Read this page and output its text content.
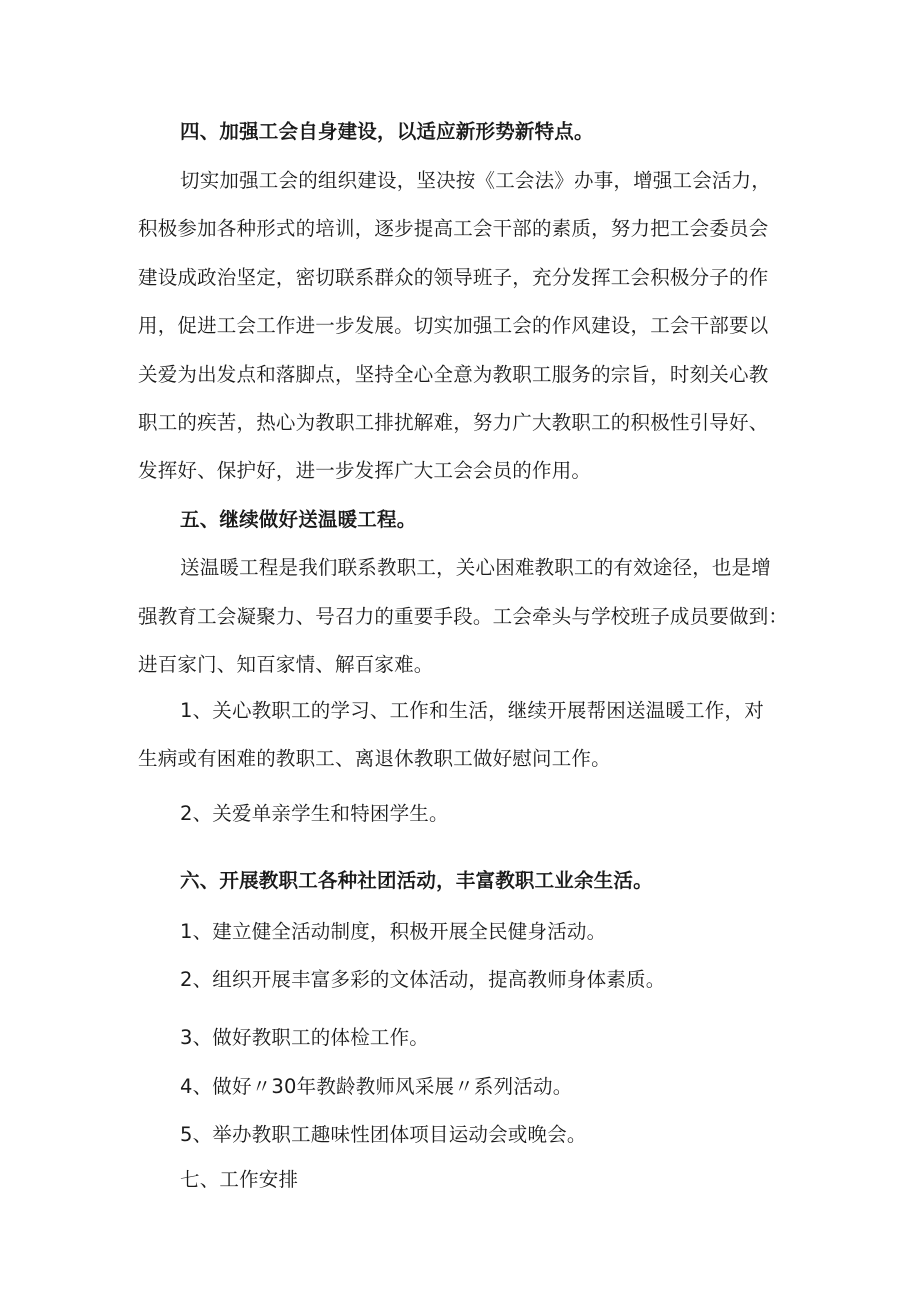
四、加强工会自身建设，以适应新形势新特点。
切实加强工会的组织建设，坚决按《工会法》办事，增强工会活力，
积极参加各种形式的培训，逐步提高工会干部的素质，努力把工会委员会
建设成政治坚定，密切联系群众的领导班子，充分发挥工会积极分子的作
用，促进工会工作进一步发展。切实加强工会的作风建设，工会干部要以
关爱为出发点和落脚点，坚持全心全意为教职工服务的宗旨，时刻关心教
职工的疾苦，热心为教职工排扰解难，努力广大教职工的积极性引导好、
发挥好、保护好，进一步发挥广大工会会员的作用。
五、继续做好送温暖工程。
送温暖工程是我们联系教职工，关心困难教职工的有效途径，也是增
强教育工会凝聚力、号召力的重要手段。工会牵头与学校班子成员要做到：
进百家门、知百家情、解百家难。
1、关心教职工的学习、工作和生活，继续开展帮困送温暖工作，对
生病或有困难的教职工、离退休教职工做好慰问工作。
2、关爱单亲学生和特困学生。
六、开展教职工各种社团活动，丰富教职工业余生活。
1、建立健全活动制度，积极开展全民健身活动。
2、组织开展丰富多彩的文体活动，提高教师身体素质。
3、做好教职工的体检工作。
4、做好〃30年教龄教师风采展〃系列活动。
5、举办教职工趣味性团体项目运动会或晚会。
七、工作安排
